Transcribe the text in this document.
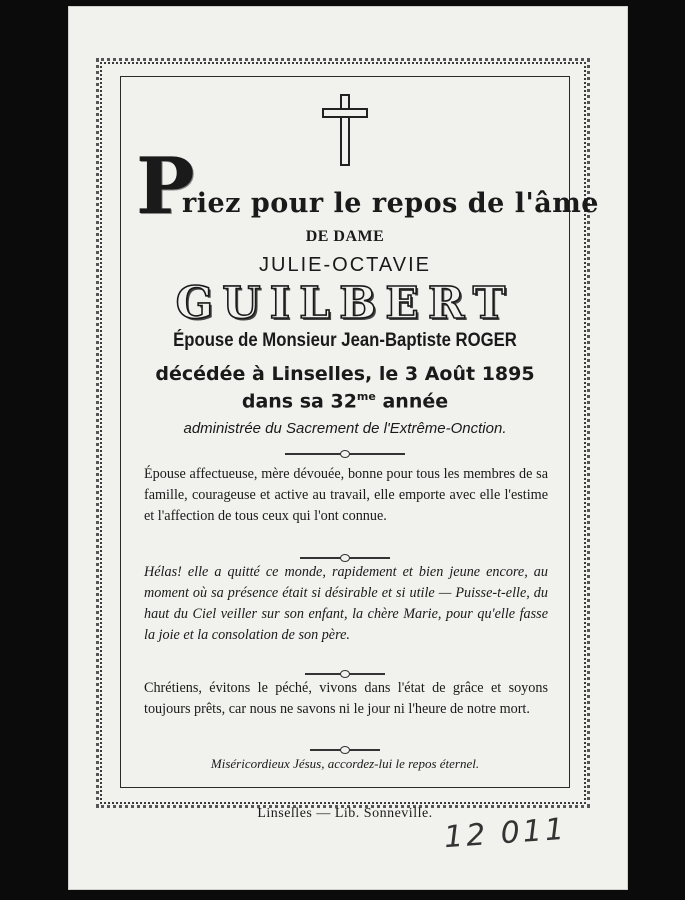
P
riez pour le repos de l'âme
DE DAME
JULIE-OCTAVIE
GUILBERT
Épouse de Monsieur Jean-Baptiste ROGER
décédée à Linselles, le 3 Août 1895
dans sa $32^{me}$ année
administrée du Sacrement de l'Extrême-Onction.
Épouse affectueuse, mère dévouée, bonne pour tous les membres de sa famille, courageuse et active au travail, elle emporte avec elle l'estime et l'affection de tous ceux qui l'ont connue.
Hélas! elle a quitté ce monde, rapidement et bien jeune encore, au moment où sa présence était si désirable et si utile — Puisse-t-elle, du haut du Ciel veiller sur son enfant, la chère Marie, pour qu'elle fasse la joie et la consolation de son père.
Chrétiens, évitons le péché, vivons dans l'état de grâce et soyons toujours prêts, car nous ne savons ni le jour ni l'heure de notre mort.
Miséricordieux Jésus, accordez-lui le repos éternel.
Linselles — Lib. Sonneville. 12 011
